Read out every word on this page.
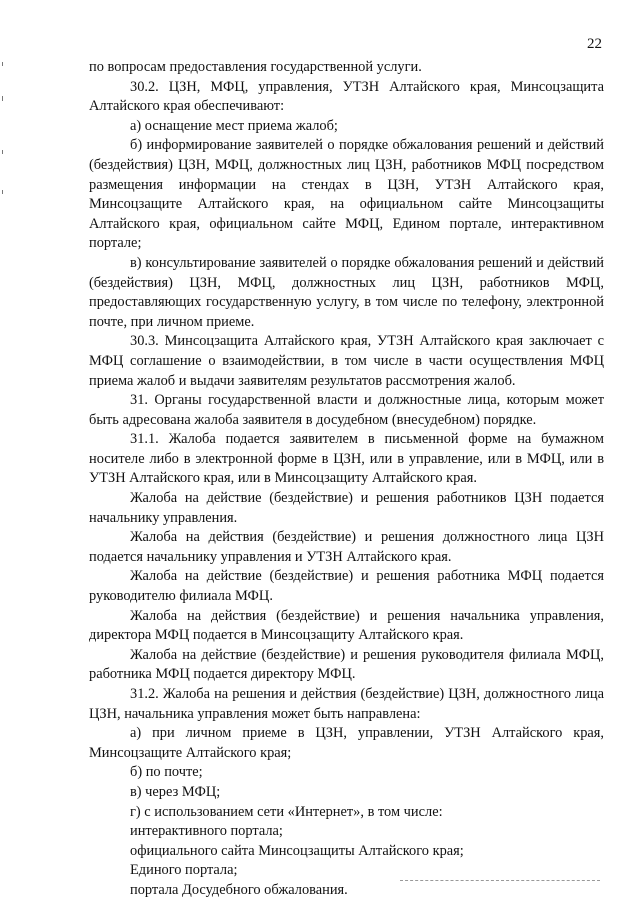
22

по вопросам предоставления государственной услуги.

30.2. ЦЗН, МФЦ, управления, УТЗН Алтайского края, Минсоцзащита Алтайского края обеспечивают:

а) оснащение мест приема жалоб;

б) информирование заявителей о порядке обжалования решений и действий (бездействия) ЦЗН, МФЦ, должностных лиц ЦЗН, работников МФЦ посредством размещения информации на стендах в ЦЗН, УТЗН Алтайского края, Минсоцзащите Алтайского края, на официальном сайте Минсоцзащиты Алтайского края, официальном сайте МФЦ, Едином портале, интерактивном портале;

в) консультирование заявителей о порядке обжалования решений и действий (бездействия) ЦЗН, МФЦ, должностных лиц ЦЗН, работников МФЦ, предоставляющих государственную услугу, в том числе по телефону, электронной почте, при личном приеме.

30.3. Минсоцзащита Алтайского края, УТЗН Алтайского края заключает с МФЦ соглашение о взаимодействии, в том числе в части осуществления МФЦ приема жалоб и выдачи заявителям результатов рассмотрения жалоб.

31. Органы государственной власти и должностные лица, которым может быть адресована жалоба заявителя в досудебном (внесудебном) порядке.

31.1. Жалоба подается заявителем в письменной форме на бумажном носителе либо в электронной форме в ЦЗН, или в управление, или в МФЦ, или в УТЗН Алтайского края, или в Минсоцзащиту Алтайского края.

Жалоба на действие (бездействие) и решения работников ЦЗН подается начальнику управления.

Жалоба на действия (бездействие) и решения должностного лица ЦЗН подается начальнику управления и УТЗН Алтайского края.

Жалоба на действие (бездействие) и решения работника МФЦ подается руководителю филиала МФЦ.

Жалоба на действия (бездействие) и решения начальника управления, директора МФЦ подается в Минсоцзащиту Алтайского края.

Жалоба на действие (бездействие) и решения руководителя филиала МФЦ, работника МФЦ подается директору МФЦ.

31.2. Жалоба на решения и действия (бездействие) ЦЗН, должностного лица ЦЗН, начальника управления может быть направлена:

а) при личном приеме в ЦЗН, управлении, УТЗН Алтайского края, Минсоцзащите Алтайского края;

б) по почте;

в) через МФЦ;

г) с использованием сети «Интернет», в том числе:

интерактивного портала;

официального сайта Минсоцзащиты Алтайского края;

Единого портала;

портала Досудебного обжалования.
